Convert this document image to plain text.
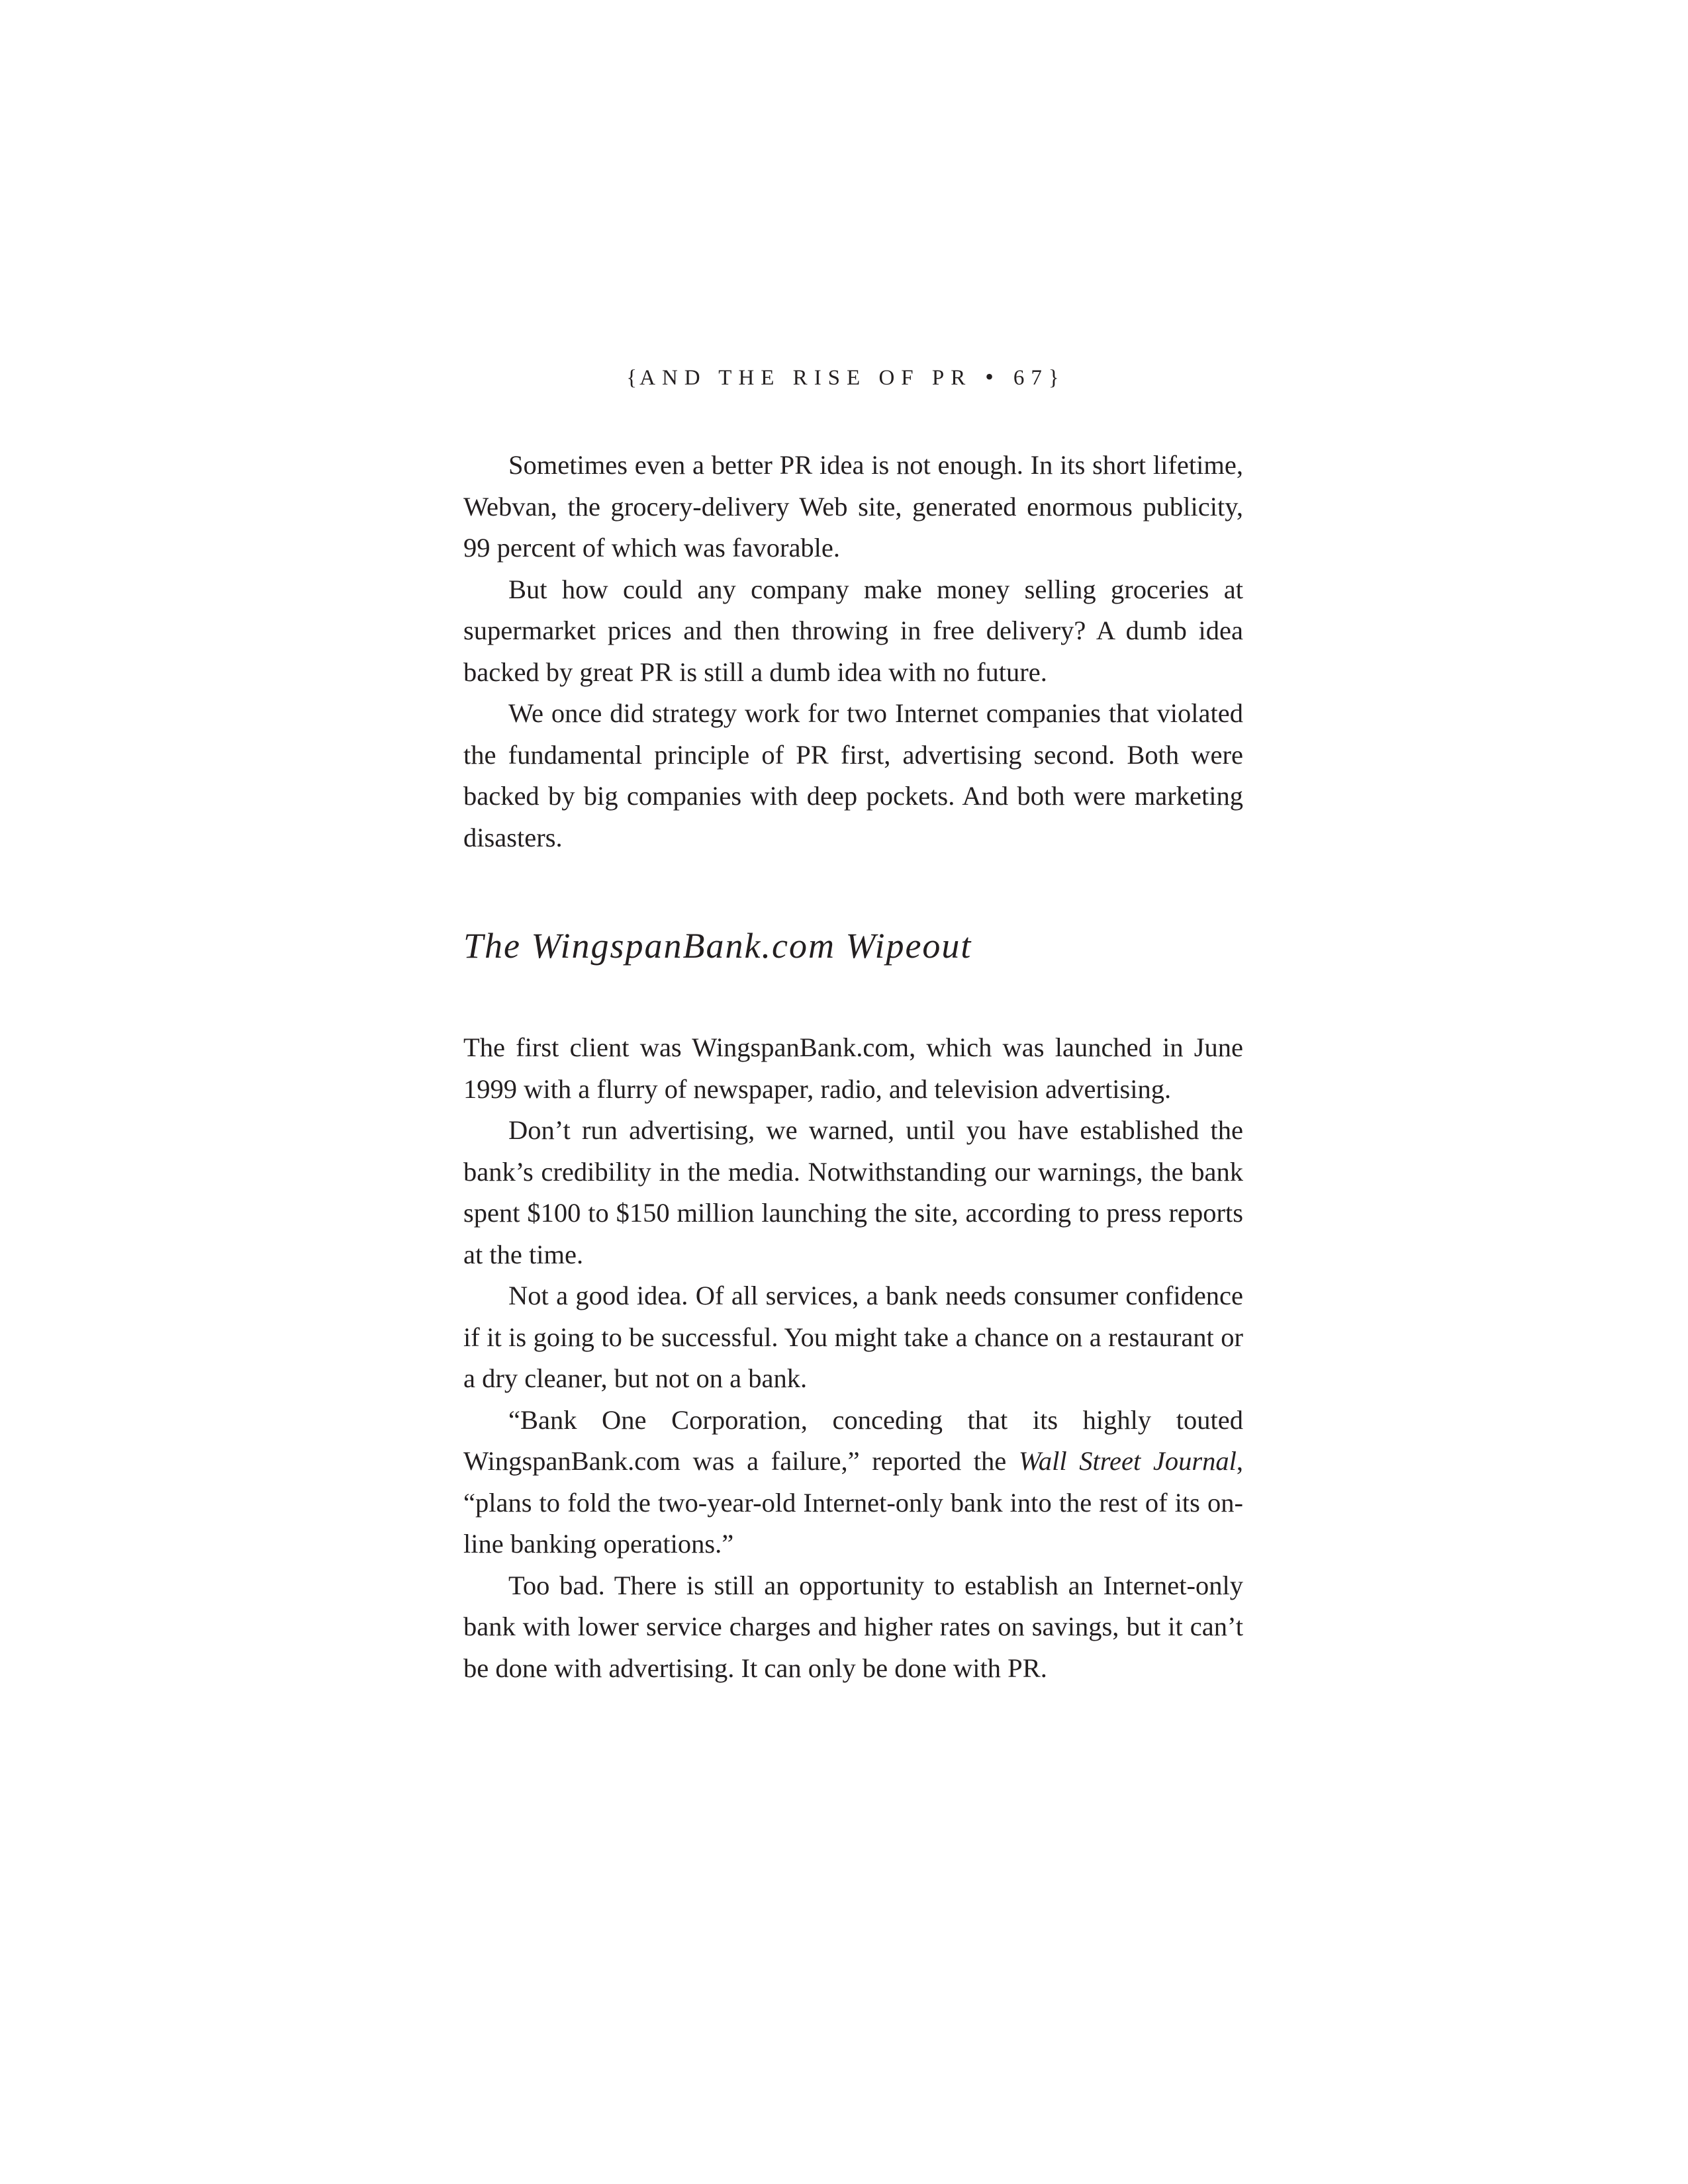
{AND THE RISE OF PR • 67}

Sometimes even a better PR idea is not enough. In its short lifetime, Webvan, the grocery-delivery Web site, generated enormous publicity, 99 percent of which was favorable.

But how could any company make money selling groceries at supermarket prices and then throwing in free delivery? A dumb idea backed by great PR is still a dumb idea with no future.

We once did strategy work for two Internet companies that violated the fundamental principle of PR first, advertising second. Both were backed by big companies with deep pockets. And both were marketing disasters.

The WingspanBank.com Wipeout

The first client was WingspanBank.com, which was launched in June 1999 with a flurry of newspaper, radio, and television advertising.

Don’t run advertising, we warned, until you have established the bank’s credibility in the media. Notwithstanding our warnings, the bank spent $100 to $150 million launching the site, according to press reports at the time.

Not a good idea. Of all services, a bank needs consumer confidence if it is going to be successful. You might take a chance on a restaurant or a dry cleaner, but not on a bank.

“Bank One Corporation, conceding that its highly touted WingspanBank.com was a failure,” reported the Wall Street Journal, “plans to fold the two-year-old Internet-only bank into the rest of its on-line banking operations.”

Too bad. There is still an opportunity to establish an Internet-only bank with lower service charges and higher rates on savings, but it can’t be done with advertising. It can only be done with PR.
